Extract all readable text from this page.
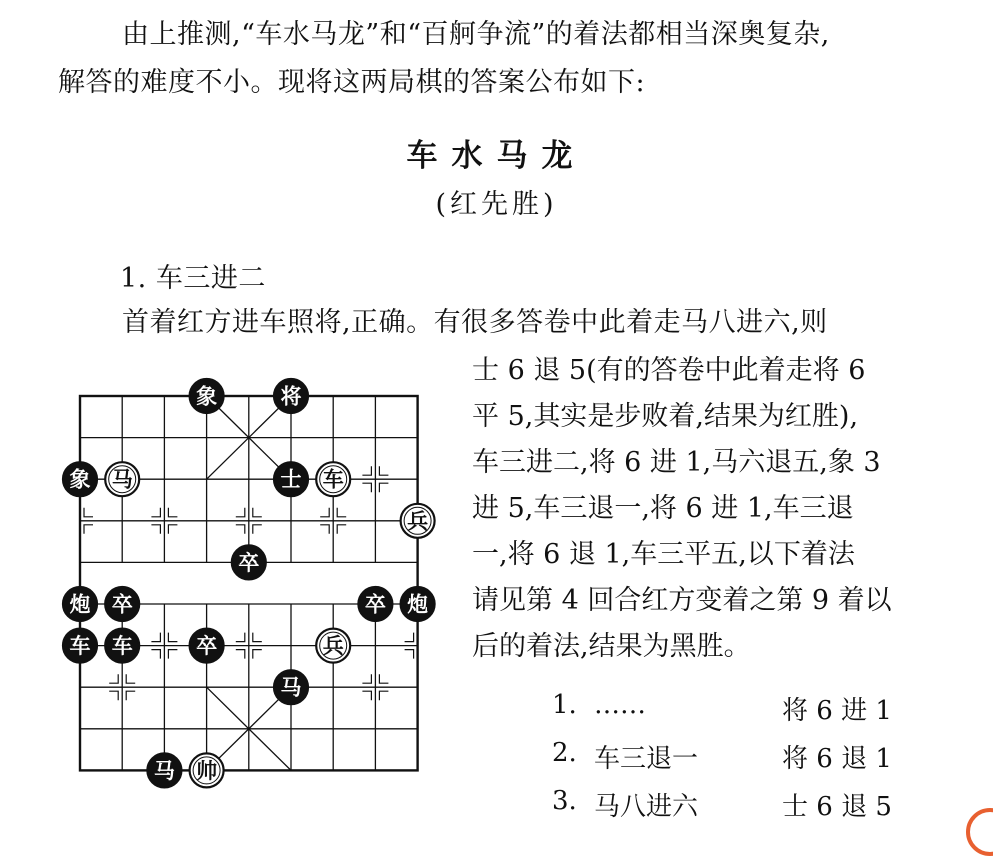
由上推测,“车水马龙”和“百舸争流”的着法都相当深奥复杂,
解答的难度不小。现将这两局棋的答案公布如下:
车水马龙
(红先胜)
1. 车三进二
首着红方进车照将,正确。有很多答卷中此着走马八进六,则
士 6 退 5(有的答卷中此着走将 6
平 5,其实是步败着,结果为红胜),
车三进二,将 6 进 1,马六退五,象 3
进 5,车三退一,将 6 进 1,车三退
一,将 6 退 1,车三平五,以下着法
请见第 4 回合红方变着之第 9 着以
后的着法,结果为黑胜。
1. ……	将 6 进 1
2. 车三退一	将 6 退 1
3. 马八进六	士 6 退 5
象	将
象 马	士 车
兵
卒
炮 卒	卒 炮
车 车	卒	兵
马
马 帅
